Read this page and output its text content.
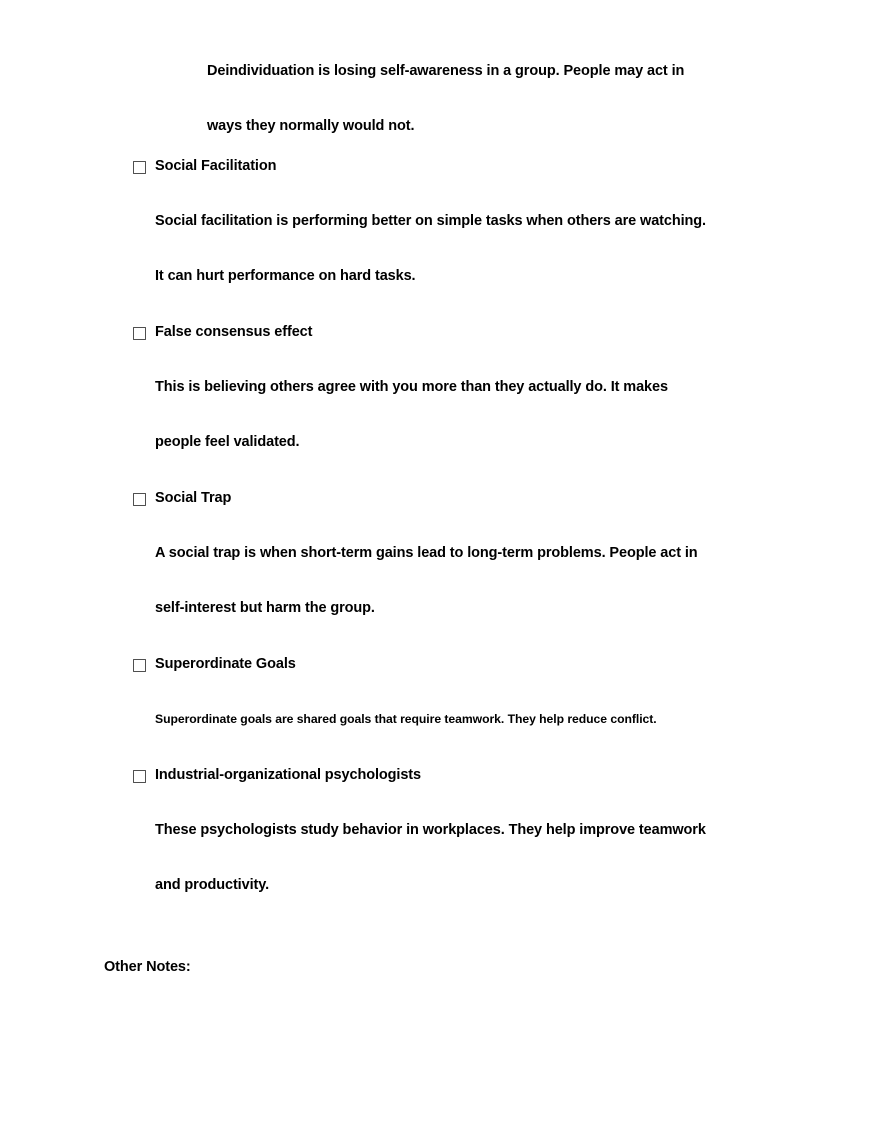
Deindividuation is losing self-awareness in a group. People may act in
ways they normally would not.
Social Facilitation
Social facilitation is performing better on simple tasks when others are watching.
It can hurt performance on hard tasks.
False consensus effect
This is believing others agree with you more than they actually do. It makes
people feel validated.
Social Trap
A social trap is when short-term gains lead to long-term problems. People act in
self-interest but harm the group.
Superordinate Goals
Superordinate goals are shared goals that require teamwork. They help reduce conflict.
Industrial-organizational psychologists
These psychologists study behavior in workplaces. They help improve teamwork
and productivity.
Other Notes:
